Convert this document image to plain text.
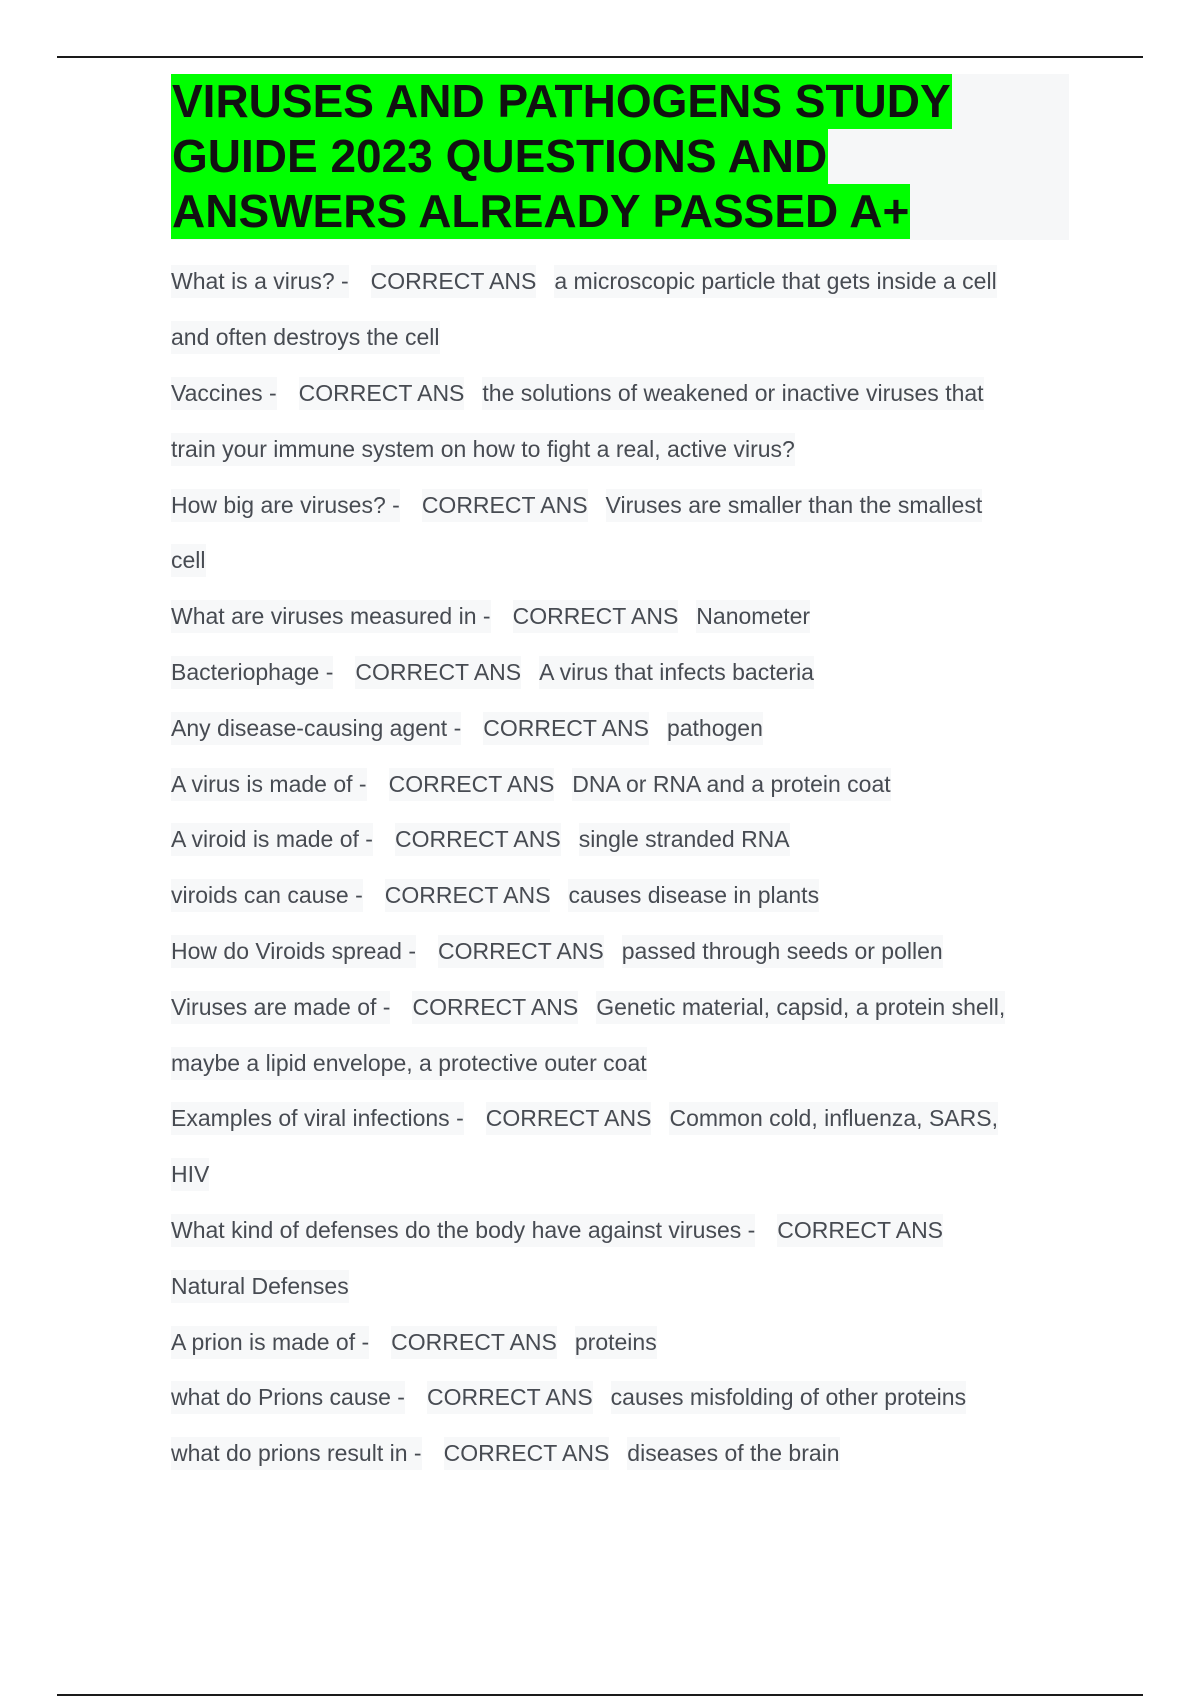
VIRUSES AND PATHOGENS STUDY
GUIDE 2023 QUESTIONS AND
ANSWERS ALREADY PASSED A+
What is a virus? - CORRECT ANS a microscopic particle that gets inside a cell
and often destroys the cell
Vaccines - CORRECT ANS the solutions of weakened or inactive viruses that
train your immune system on how to fight a real, active virus?
How big are viruses? - CORRECT ANS Viruses are smaller than the smallest
cell
What are viruses measured in - CORRECT ANS Nanometer
Bacteriophage - CORRECT ANS A virus that infects bacteria
Any disease-causing agent - CORRECT ANS pathogen
A virus is made of - CORRECT ANS DNA or RNA and a protein coat
A viroid is made of - CORRECT ANS single stranded RNA
viroids can cause - CORRECT ANS causes disease in plants
How do Viroids spread - CORRECT ANS passed through seeds or pollen
Viruses are made of - CORRECT ANS Genetic material, capsid, a protein shell,
maybe a lipid envelope, a protective outer coat
Examples of viral infections - CORRECT ANS Common cold, influenza, SARS,
HIV
What kind of defenses do the body have against viruses - CORRECT ANS
Natural Defenses
A prion is made of - CORRECT ANS proteins
what do Prions cause - CORRECT ANS causes misfolding of other proteins
what do prions result in - CORRECT ANS diseases of the brain
